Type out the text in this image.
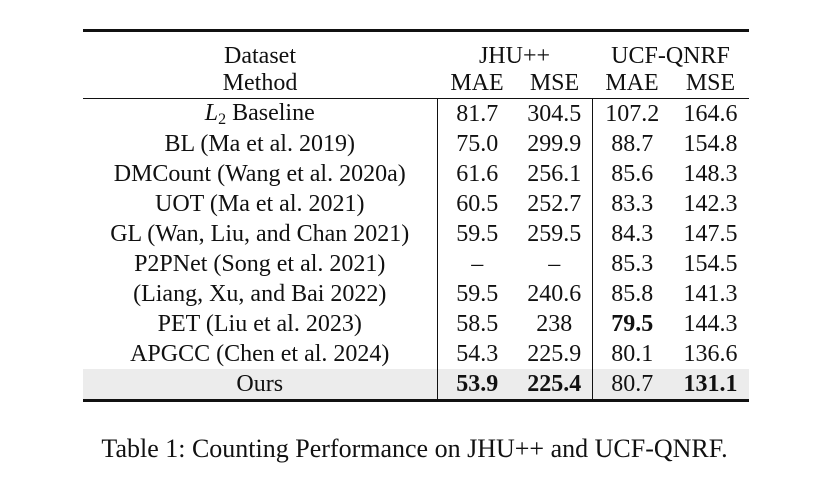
Dataset	JHU++		UCF-QNRF	
Method	MAE	MSE	MAE	MSE
$L_2$ Baseline	81.7	304.5	107.2	164.6
BL (Ma et al. 2019)	75.0	299.9	88.7	154.8
DMCount (Wang et al. 2020a)	61.6	256.1	85.6	148.3
UOT (Ma et al. 2021)	60.5	252.7	83.3	142.3
GL (Wan, Liu, and Chan 2021)	59.5	259.5	84.3	147.5
P2PNet (Song et al. 2021)	–	–	85.3	154.5
(Liang, Xu, and Bai 2022)	59.5	240.6	85.8	141.3
PET (Liu et al. 2023)	58.5	238	79.5	144.3
APGCC (Chen et al. 2024)	54.3	225.9	80.1	136.6
Ours	53.9	225.4	80.7	131.1
Table 1: Counting Performance on JHU++ and UCF-QNRF.
